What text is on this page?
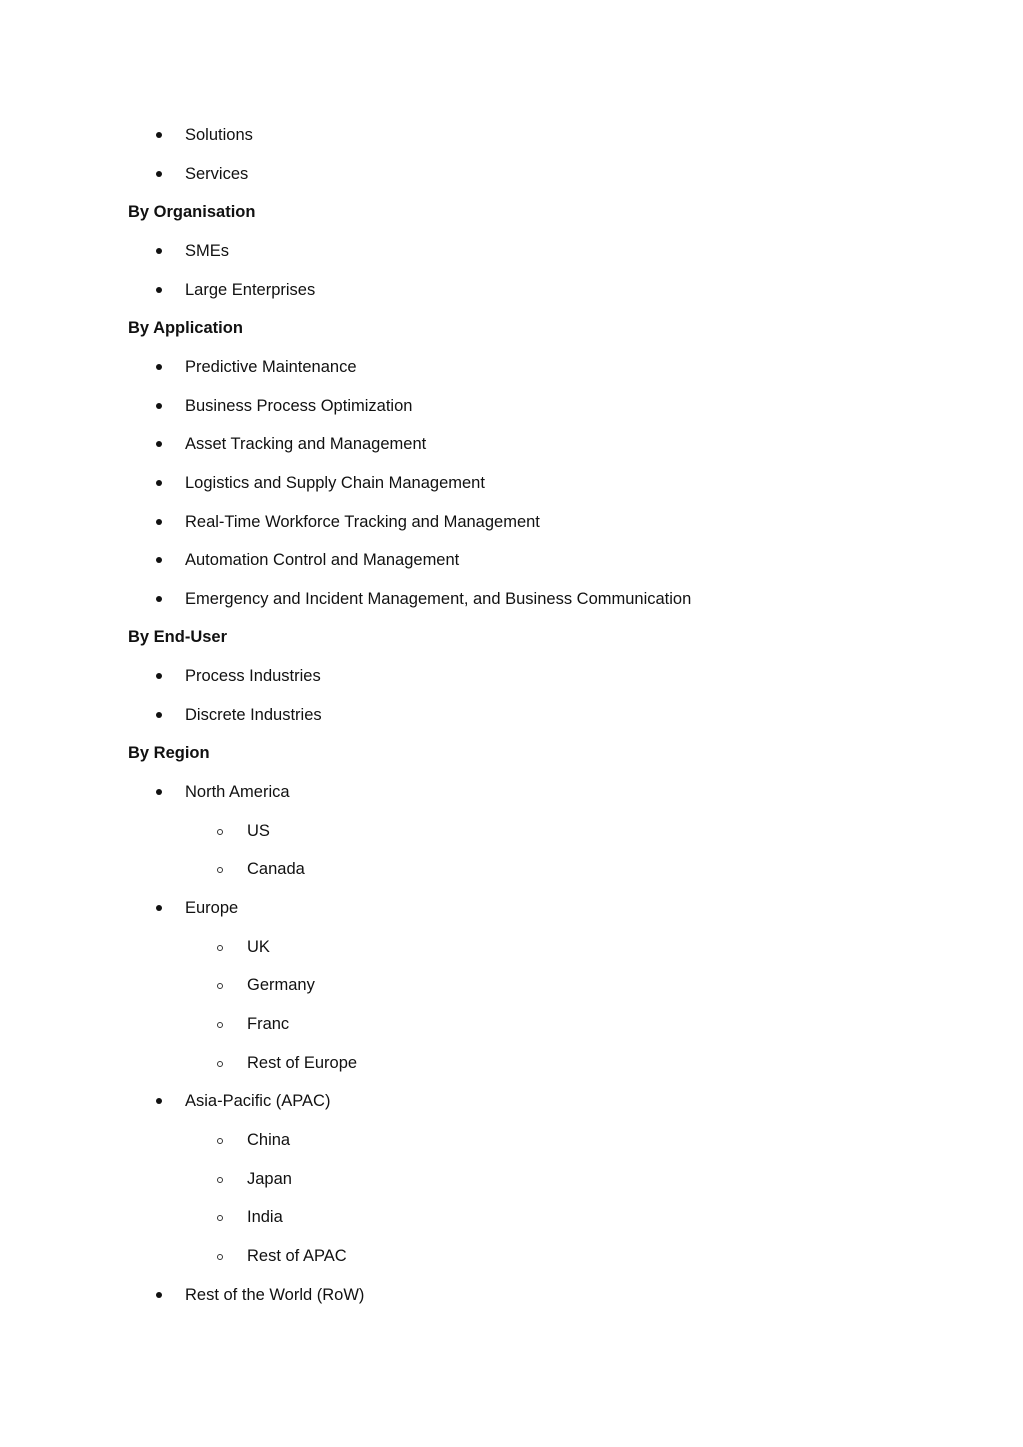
Solutions
Services
By Organisation
SMEs
Large Enterprises
By Application
Predictive Maintenance
Business Process Optimization
Asset Tracking and Management
Logistics and Supply Chain Management
Real-Time Workforce Tracking and Management
Automation Control and Management
Emergency and Incident Management, and Business Communication
By End-User
Process Industries
Discrete Industries
By Region
North America
US
Canada
Europe
UK
Germany
Franc
Rest of Europe
Asia-Pacific (APAC)
China
Japan
India
Rest of APAC
Rest of the World (RoW)
